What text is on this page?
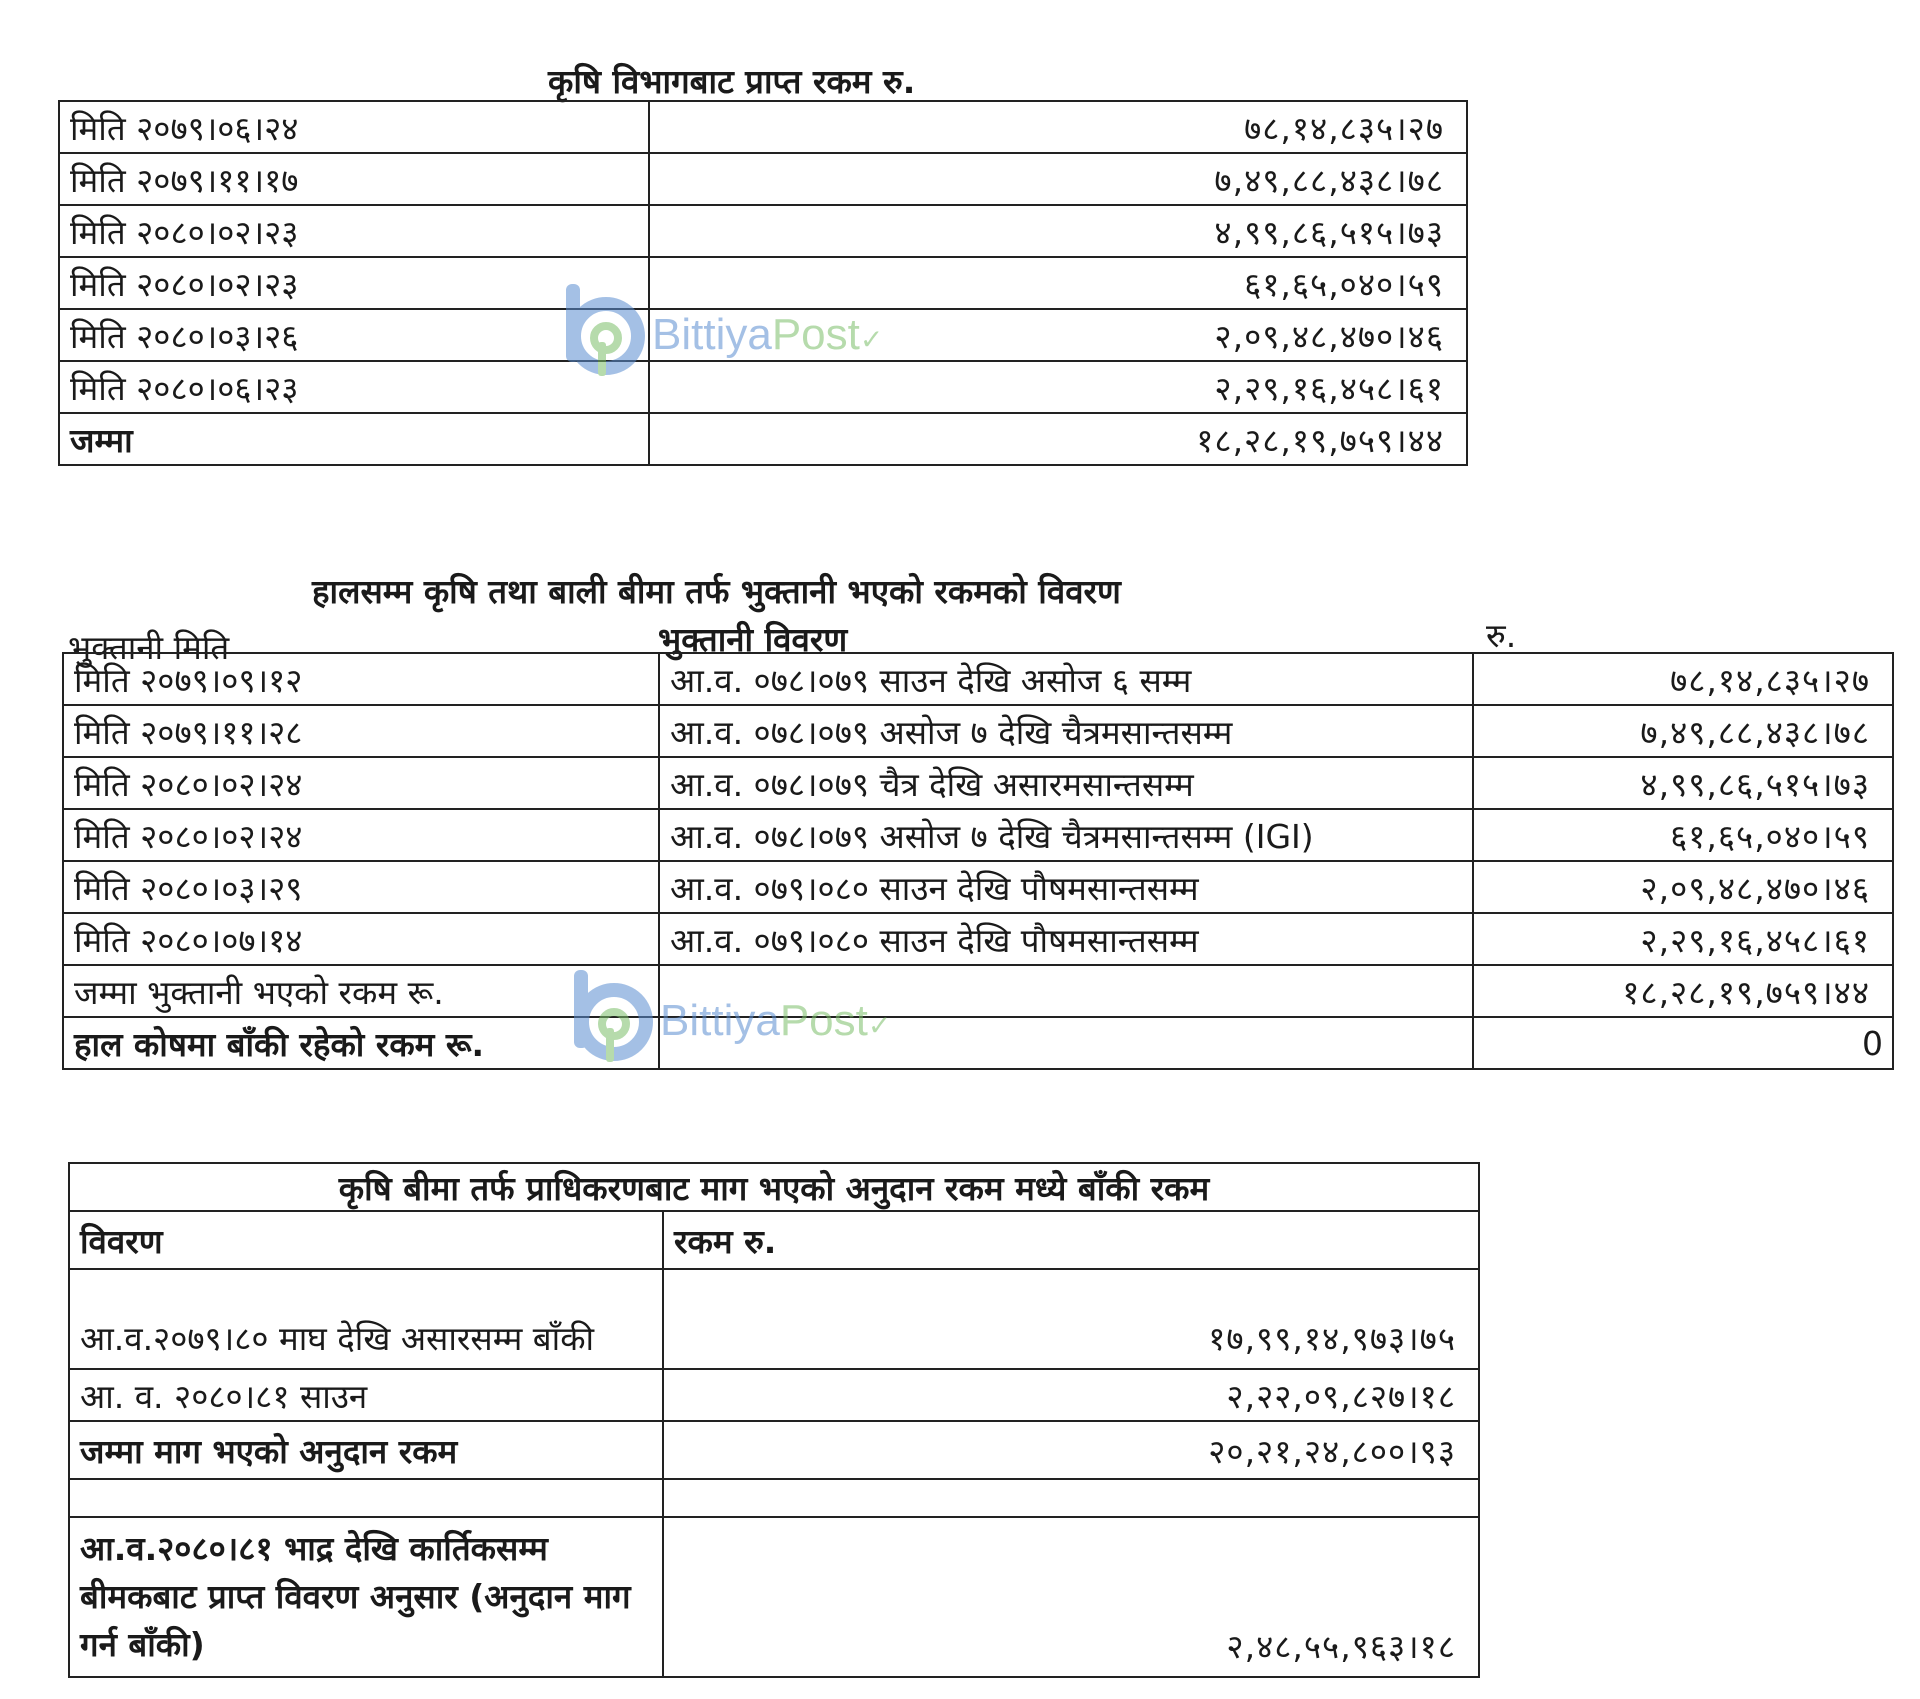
कृषि विभागबाट प्राप्त रकम रु.
मिति २०७९।०६।२४	७८,१४,८३५।२७
मिति २०७९।११।१७	७,४९,८८,४३८।७८
मिति २०८०।०२।२३	४,९९,८६,५१५।७३
मिति २०८०।०२।२३	६१,६५,०४०।५९
मिति २०८०।०३।२६	२,०९,४८,४७०।४६
मिति २०८०।०६।२३	२,२९,१६,४५८।६१
जम्मा	१८,२८,१९,७५९।४४
हालसम्म कृषि तथा बाली बीमा तर्फ भुक्तानी भएको रकमको विवरण
भुक्तानी मिति	भुक्तानी विवरण	रु.
मिति २०७९।०९।१२	आ.व. ०७८।०७९ साउन देखि असोज ६ सम्म	७८,१४,८३५।२७
मिति २०७९।११।२८	आ.व. ०७८।०७९ असोज ७ देखि चैत्रमसान्तसम्म	७,४९,८८,४३८।७८
मिति २०८०।०२।२४	आ.व. ०७८।०७९ चैत्र देखि असारमसान्तसम्म	४,९९,८६,५१५।७३
मिति २०८०।०२।२४	आ.व. ०७८।०७९ असोज ७ देखि चैत्रमसान्तसम्म (IGI)	६१,६५,०४०।५९
मिति २०८०।०३।२९	आ.व. ०७९।०८० साउन देखि पौषमसान्तसम्म	२,०९,४८,४७०।४६
मिति २०८०।०७।१४	आ.व. ०७९।०८० साउन देखि पौषमसान्तसम्म	२,२९,१६,४५८।६१
जम्मा भुक्तानी भएको रकम रू.		१८,२८,१९,७५९।४४
हाल कोषमा बाँकी रहेको रकम रू.		0
कृषि बीमा तर्फ प्राधिकरणबाट माग भएको अनुदान रकम मध्ये बाँकी रकम	
विवरण	रकम रु.
आ.व.२०७९।८० माघ देखि असारसम्म बाँकी	१७,९९,१४,९७३।७५
आ. व. २०८०।८१ साउन	२,२२,०९,८२७।१८
जम्मा माग भएको अनुदान रकम	२०,२१,२४,८००।९३

आ.व.२०८०।८१ भाद्र देखि कार्तिकसम्म बीमकबाट प्राप्त विवरण अनुसार (अनुदान माग गर्न बाँकी)	२,४८,५५,९६३।१८
BittiyaPost✓
BittiyaPost✓
